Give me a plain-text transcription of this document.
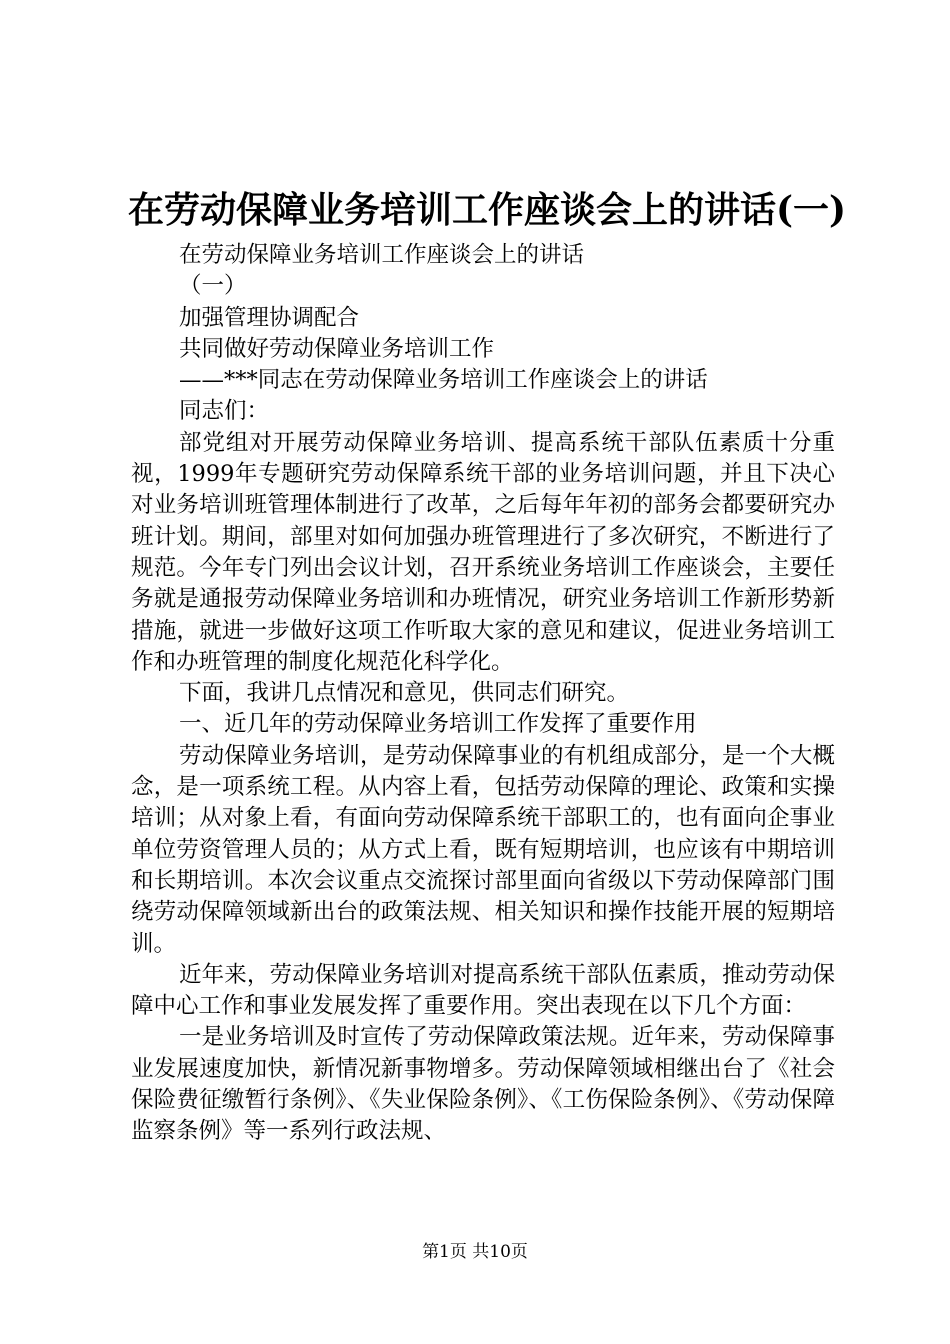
在劳动保障业务培训工作座谈会上的讲话(一)

在劳动保障业务培训工作座谈会上的讲话

（一）

加强管理协调配合

共同做好劳动保障业务培训工作

——***同志在劳动保障业务培训工作座谈会上的讲话

同志们：

部党组对开展劳动保障业务培训、提高系统干部队伍素质十分重视，1999年专题研究劳动保障系统干部的业务培训问题，并且下决心对业务培训班管理体制进行了改革，之后每年年初的部务会都要研究办班计划。期间，部里对如何加强办班管理进行了多次研究，不断进行了规范。今年专门列出会议计划，召开系统业务培训工作座谈会，主要任务就是通报劳动保障业务培训和办班情况，研究业务培训工作新形势新措施，就进一步做好这项工作听取大家的意见和建议，促进业务培训工作和办班管理的制度化规范化科学化。

下面，我讲几点情况和意见，供同志们研究。

一、近几年的劳动保障业务培训工作发挥了重要作用

劳动保障业务培训，是劳动保障事业的有机组成部分，是一个大概念，是一项系统工程。从内容上看，包括劳动保障的理论、政策和实操培训；从对象上看，有面向劳动保障系统干部职工的，也有面向企事业单位劳资管理人员的；从方式上看，既有短期培训，也应该有中期培训和长期培训。本次会议重点交流探讨部里面向省级以下劳动保障部门围绕劳动保障领域新出台的政策法规、相关知识和操作技能开展的短期培训。

近年来，劳动保障业务培训对提高系统干部队伍素质，推动劳动保障中心工作和事业发展发挥了重要作用。突出表现在以下几个方面：

一是业务培训及时宣传了劳动保障政策法规。近年来，劳动保障事业发展速度加快，新情况新事物增多。劳动保障领域相继出台了《社会保险费征缴暂行条例》、《失业保险条例》、《工伤保险条例》、《劳动保障监察条例》等一系列行政法规、

第1页 共10页
